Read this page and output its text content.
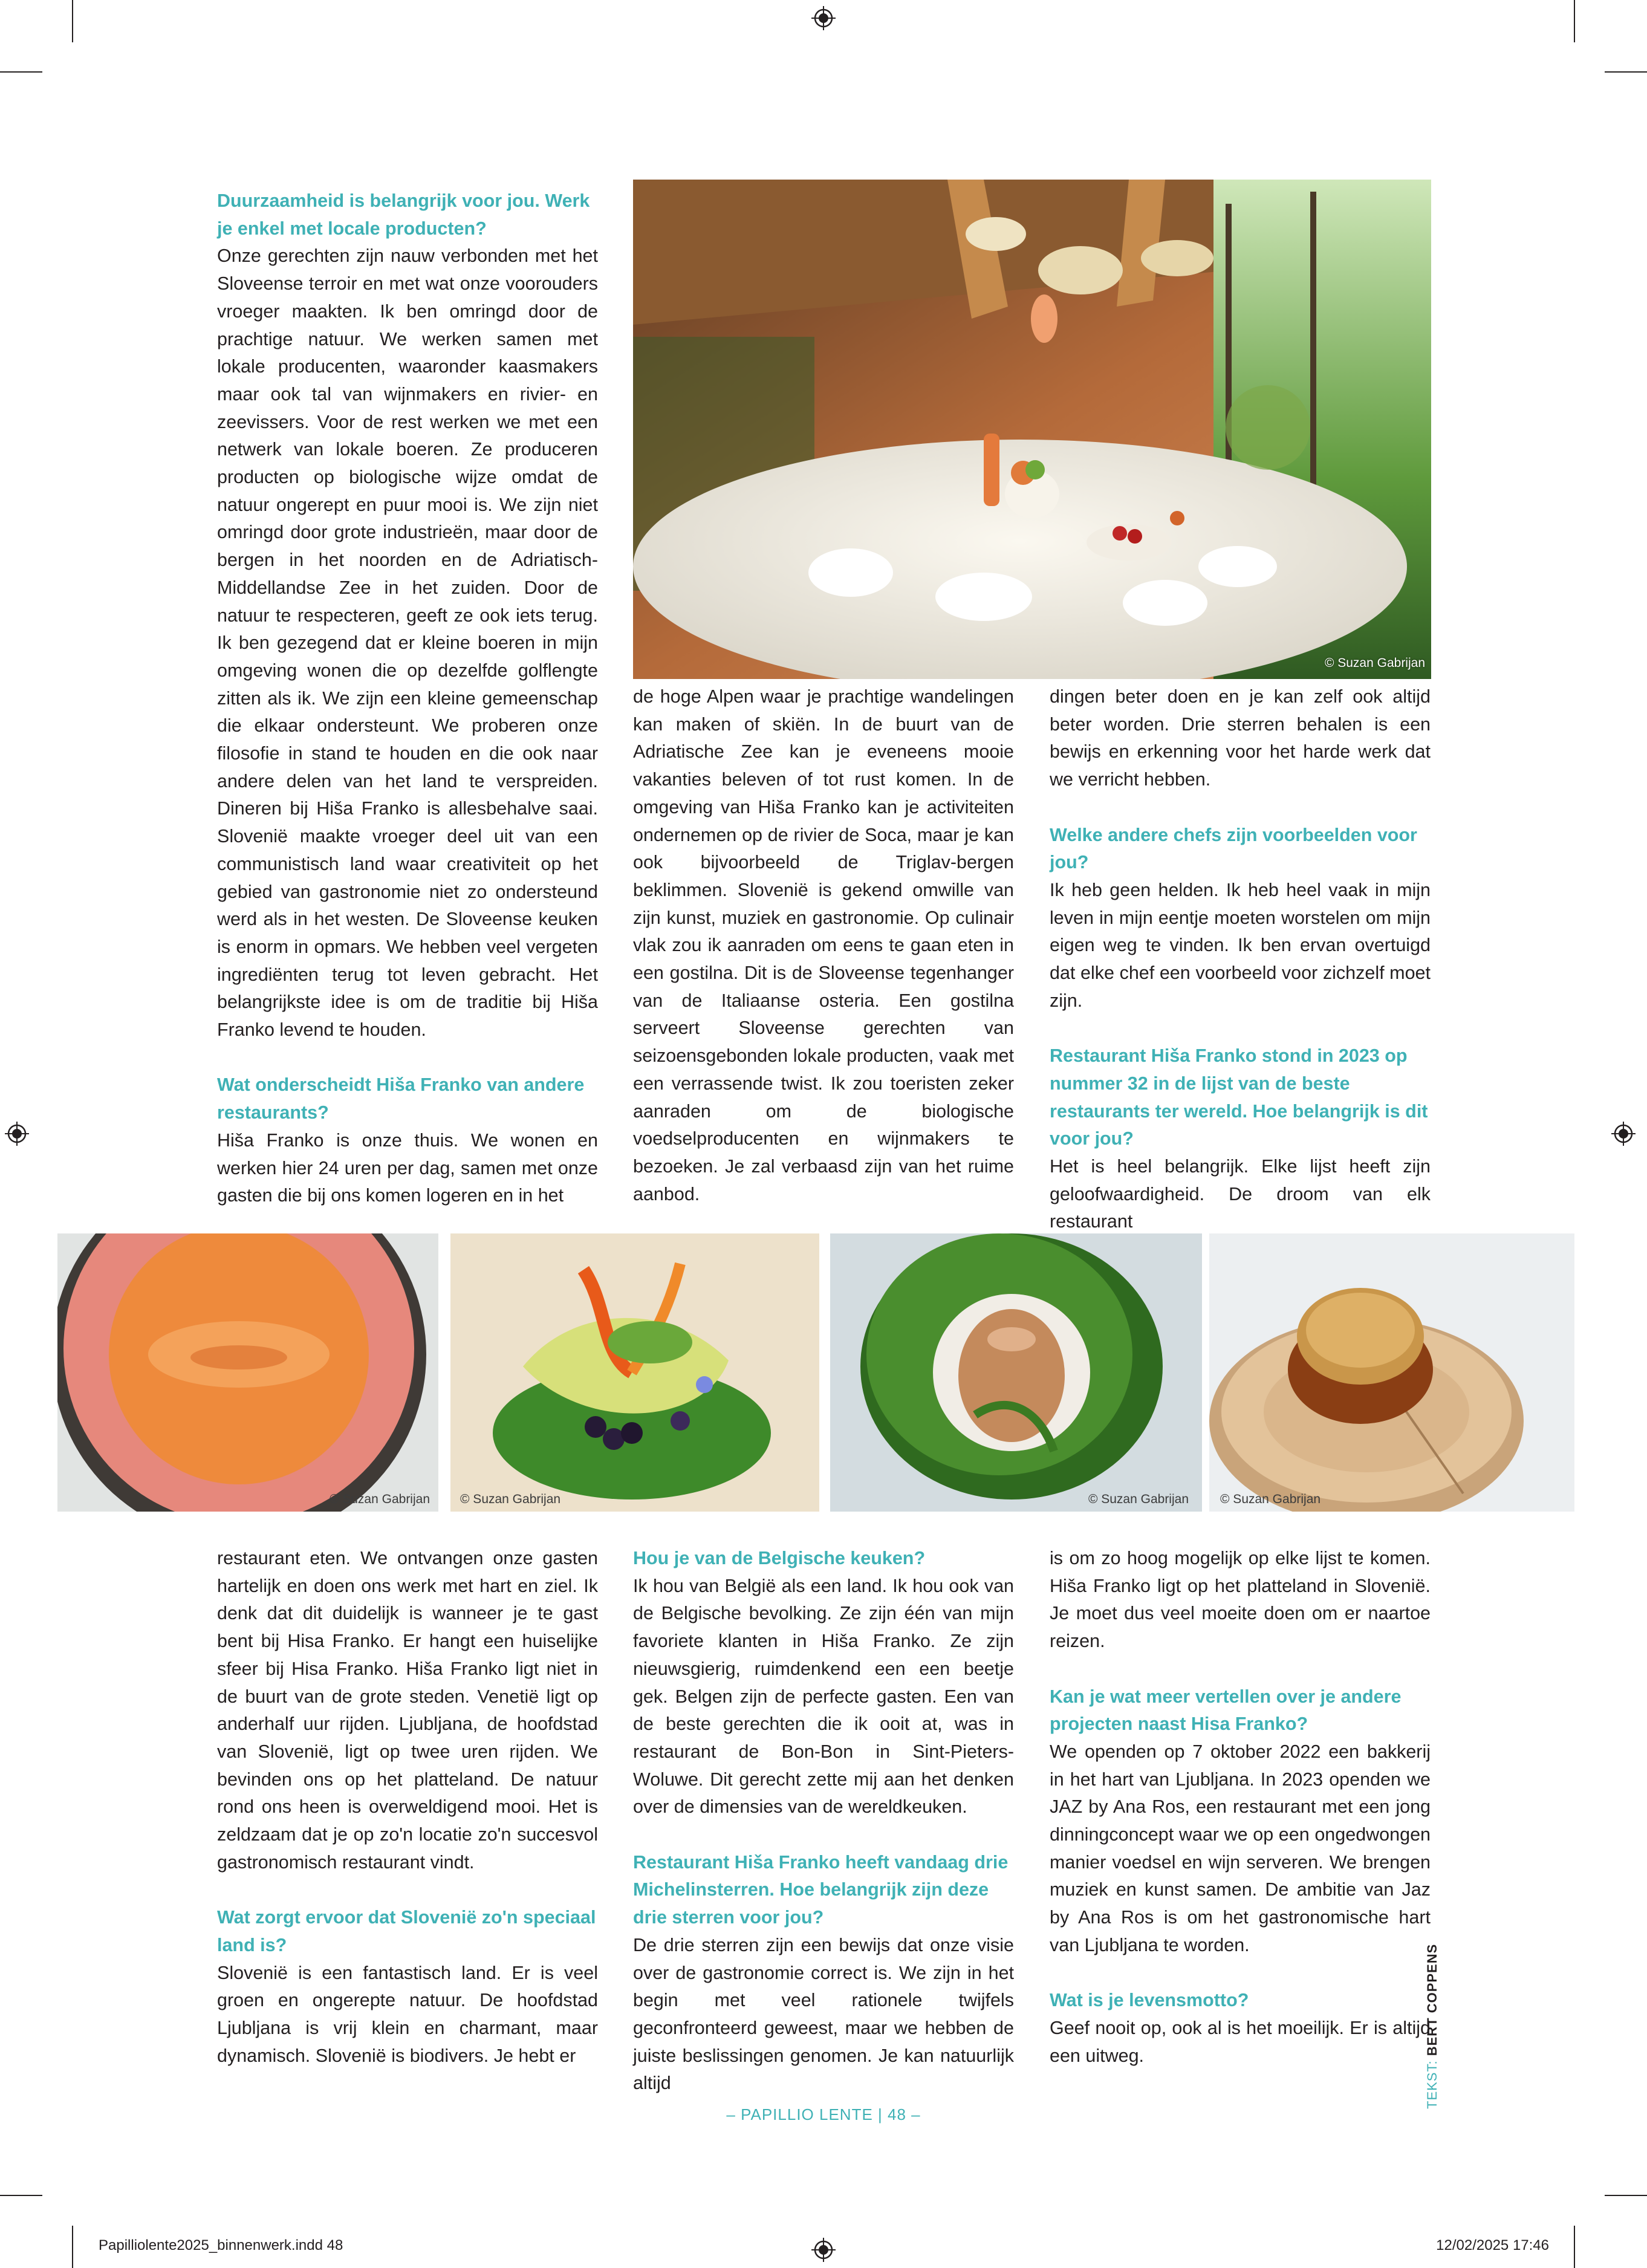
Duurzaamheid is belangrijk voor jou. Werk je enkel met locale producten?
Onze gerechten zijn nauw verbonden met het Sloveense terroir en met wat onze voorouders vroeger maakten. Ik ben omringd door de prachtige natuur. We werken samen met lokale producenten, waaronder kaasmakers maar ook tal van wijnmakers en rivier- en zeevissers. Voor de rest werken we met een netwerk van lokale boeren. Ze produceren producten op biologische wijze omdat de natuur ongerept en puur mooi is. We zijn niet omringd door grote industrieën, maar door de bergen in het noorden en de Adriatisch-Middellandse Zee in het zuiden. Door de natuur te respecteren, geeft ze ook iets terug. Ik ben gezegend dat er kleine boeren in mijn omgeving wonen die op dezelfde golflengte zitten als ik. We zijn een kleine gemeenschap die elkaar ondersteunt. We proberen onze filosofie in stand te houden en die ook naar andere delen van het land te verspreiden. Dineren bij Hiša Franko is allesbehalve saai. Slovenië maakte vroeger deel uit van een communistisch land waar creativiteit op het gebied van gastronomie niet zo ondersteund werd als in het westen. De Sloveense keuken is enorm in opmars. We hebben veel vergeten ingrediënten terug tot leven gebracht. Het belangrijkste idee is om de traditie bij Hiša Franko levend te houden.

Wat onderscheidt Hiša Franko van andere restaurants?
Hiša Franko is onze thuis. We wonen en werken hier 24 uren per dag, samen met onze gasten die bij ons komen logeren en in het

© Suzan Gabrijan

de hoge Alpen waar je prachtige wandelingen kan maken of skiën. In de buurt van de Adriatische Zee kan je eveneens mooie vakanties beleven of tot rust komen. In de omgeving van Hiša Franko kan je activiteiten ondernemen op de rivier de Soca, maar je kan ook bijvoorbeeld de Triglav-bergen beklimmen. Slovenië is gekend omwille van zijn kunst, muziek en gastronomie. Op culinair vlak zou ik aanraden om eens te gaan eten in een gostilna. Dit is de Sloveense tegenhanger van de Italiaanse osteria. Een gostilna serveert Sloveense gerechten van seizoensgebonden lokale producten, vaak met een verrassende twist. Ik zou toeristen zeker aanraden om de biologische voedselproducenten en wijnmakers te bezoeken. Je zal verbaasd zijn van het ruime aanbod.

dingen beter doen en je kan zelf ook altijd beter worden. Drie sterren behalen is een bewijs en erkenning voor het harde werk dat we verricht hebben.

Welke andere chefs zijn voorbeelden voor jou?
Ik heb geen helden. Ik heb heel vaak in mijn leven in mijn eentje moeten worstelen om mijn eigen weg te vinden. Ik ben ervan overtuigd dat elke chef een voorbeeld voor zichzelf moet zijn.

Restaurant Hiša Franko stond in 2023 op nummer 32 in de lijst van de beste restaurants ter wereld. Hoe belangrijk is dit voor jou?
Het is heel belangrijk. Elke lijst heeft zijn geloofwaardigheid. De droom van elk restaurant

© Suzan Gabrijan © Suzan Gabrijan	© Suzan Gabrijan © Suzan Gabrijan

restaurant eten. We ontvangen onze gasten hartelijk en doen ons werk met hart en ziel. Ik denk dat dit duidelijk is wanneer je te gast bent bij Hisa Franko. Er hangt een huiselijke sfeer bij Hisa Franko. Hiša Franko ligt niet in de buurt van de grote steden. Venetië ligt op anderhalf uur rijden. Ljubljana, de hoofdstad van Slovenië, ligt op twee uren rijden. We bevinden ons op het platteland. De natuur rond ons heen is overweldigend mooi. Het is zeldzaam dat je op zo'n locatie zo'n succesvol gastronomisch restaurant vindt.

Wat zorgt ervoor dat Slovenië zo'n speciaal land is?
Slovenië is een fantastisch land. Er is veel groen en ongerepte natuur. De hoofdstad Ljubljana is vrij klein en charmant, maar dynamisch. Slovenië is biodivers. Je hebt er

Hou je van de Belgische keuken?
Ik hou van België als een land. Ik hou ook van de Belgische bevolking. Ze zijn één van mijn favoriete klanten in Hiša Franko. Ze zijn nieuwsgierig, ruimdenkend een een beetje gek. Belgen zijn de perfecte gasten. Een van de beste gerechten die ik ooit at, was in restaurant de Bon-Bon in Sint-Pieters-Woluwe. Dit gerecht zette mij aan het denken over de dimensies van de wereldkeuken.

Restaurant Hiša Franko heeft vandaag drie Michelinsterren. Hoe belangrijk zijn deze drie sterren voor jou?
De drie sterren zijn een bewijs dat onze visie over de gastronomie correct is. We zijn in het begin met veel rationele twijfels geconfronteerd geweest, maar we hebben de juiste beslissingen genomen. Je kan natuurlijk altijd

is om zo hoog mogelijk op elke lijst te komen. Hiša Franko ligt op het platteland in Slovenië. Je moet dus veel moeite doen om er naartoe reizen.

Kan je wat meer vertellen over je andere projecten naast Hisa Franko?
We openden op 7 oktober 2022 een bakkerij in het hart van Ljubljana. In 2023 openden we JAZ by Ana Ros, een restaurant met een jong dinningconcept waar we op een ongedwongen manier voedsel en wijn serveren. We brengen muziek en kunst samen. De ambitie van Jaz by Ana Ros is om het gastronomische hart van Ljubljana te worden.

Wat is je levensmotto?
Geef nooit op, ook al is het moeilijk. Er is altijd een uitweg.

TEKST: BERT COPPENS
– PAPILLIO LENTE | 48 –
Papilliolente2025_binnenwerk.indd 48	12/02/2025 17:46
